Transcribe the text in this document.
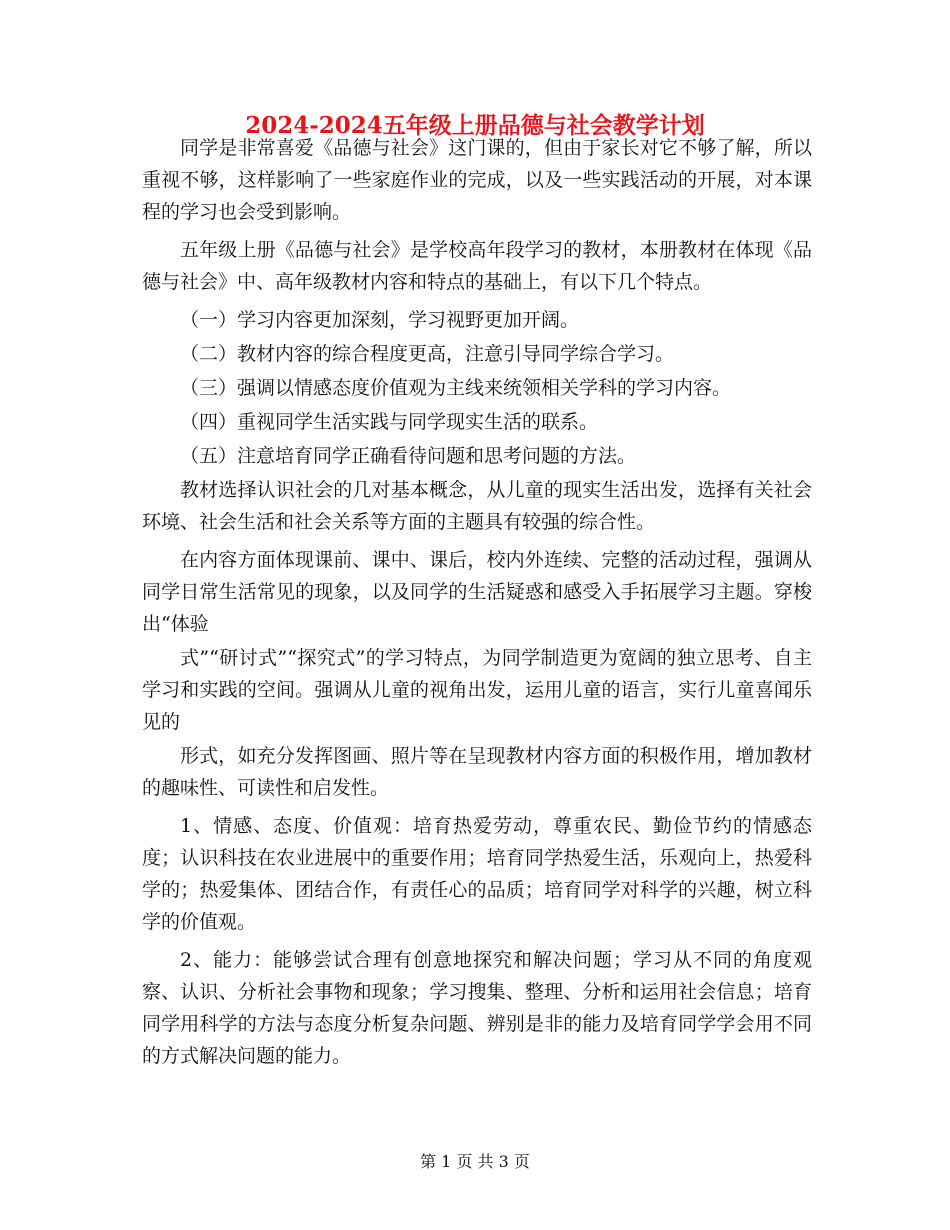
2024-2024五年级上册品德与社会教学计划

同学是非常喜爱《品德与社会》这门课的，但由于家长对它不够了解，所以重视不够，这样影响了一些家庭作业的完成，以及一些实践活动的开展，对本课程的学习也会受到影响。

五年级上册《品德与社会》是学校高年段学习的教材，本册教材在体现《品德与社会》中、高年级教材内容和特点的基础上，有以下几个特点。

（一）学习内容更加深刻，学习视野更加开阔。

（二）教材内容的综合程度更高，注意引导同学综合学习。

（三）强调以情感态度价值观为主线来统领相关学科的学习内容。

（四）重视同学生活实践与同学现实生活的联系。

（五）注意培育同学正确看待问题和思考问题的方法。

教材选择认识社会的几对基本概念，从儿童的现实生活出发，选择有关社会环境、社会生活和社会关系等方面的主题具有较强的综合性。

在内容方面体现课前、课中、课后，校内外连续、完整的活动过程，强调从同学日常生活常见的现象，以及同学的生活疑惑和感受入手拓展学习主题。穿梭出“体验

式”“研讨式”“探究式”的学习特点，为同学制造更为宽阔的独立思考、自主学习和实践的空间。强调从儿童的视角出发，运用儿童的语言，实行儿童喜闻乐见的

形式，如充分发挥图画、照片等在呈现教材内容方面的积极作用，增加教材的趣味性、可读性和启发性。

1、情感、态度、价值观：培育热爱劳动，尊重农民、勤俭节约的情感态度；认识科技在农业进展中的重要作用；培育同学热爱生活，乐观向上，热爱科学的；热爱集体、团结合作，有责任心的品质；培育同学对科学的兴趣，树立科学的价值观。

2、能力：能够尝试合理有创意地探究和解决问题；学习从不同的角度观察、认识、分析社会事物和现象；学习搜集、整理、分析和运用社会信息；培育同学用科学的方法与态度分析复杂问题、辨别是非的能力及培育同学学会用不同的方式解决问题的能力。

第 1 页 共 3 页
